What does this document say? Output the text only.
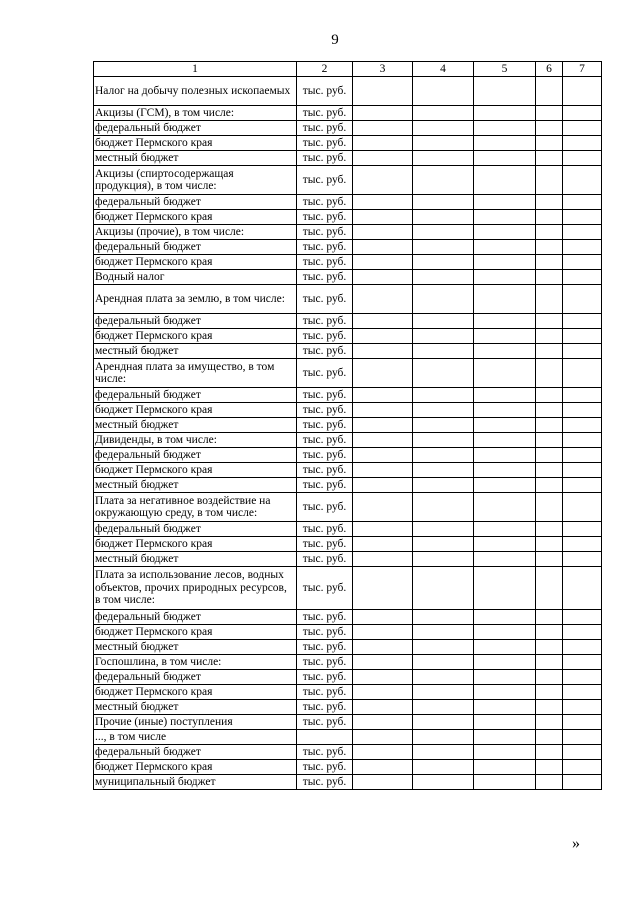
9
1	2	3	4	5	6	7
Налог на добычу полезных ископаемых	тыс. руб.					
Акцизы (ГСМ), в том числе:	тыс. руб.					
федеральный бюджет	тыс. руб.					
бюджет Пермского края	тыс. руб.					
местный бюджет	тыс. руб.					
Акцизы (спиртосодержащая продукция), в том числе:	тыс. руб.					
федеральный бюджет	тыс. руб.					
бюджет Пермского края	тыс. руб.					
Акцизы (прочие), в том числе:	тыс. руб.					
федеральный бюджет	тыс. руб.					
бюджет Пермского края	тыс. руб.					
Водный налог	тыс. руб.					
Арендная плата за землю, в том числе:	тыс. руб.					
федеральный бюджет	тыс. руб.					
бюджет Пермского края	тыс. руб.					
местный бюджет	тыс. руб.					
Арендная плата за имущество, в том числе:	тыс. руб.					
федеральный бюджет	тыс. руб.					
бюджет Пермского края	тыс. руб.					
местный бюджет	тыс. руб.					
Дивиденды, в том числе:	тыс. руб.					
федеральный бюджет	тыс. руб.					
бюджет Пермского края	тыс. руб.					
местный бюджет	тыс. руб.					
Плата за негативное воздействие на окружающую среду, в том числе:	тыс. руб.					
федеральный бюджет	тыс. руб.					
бюджет Пермского края	тыс. руб.					
местный бюджет	тыс. руб.					
Плата за использование лесов, водных объектов, прочих природных ресурсов, в том числе:	тыс. руб.					
федеральный бюджет	тыс. руб.					
бюджет Пермского края	тыс. руб.					
местный бюджет	тыс. руб.					
Госпошлина, в том числе:	тыс. руб.					
федеральный бюджет	тыс. руб.					
бюджет Пермского края	тыс. руб.					
местный бюджет	тыс. руб.					
Прочие (иные) поступления	тыс. руб.					
..., в том числе						
федеральный бюджет	тыс. руб.					
бюджет Пермского края	тыс. руб.					
муниципальный бюджет	тыс. руб.					
»
